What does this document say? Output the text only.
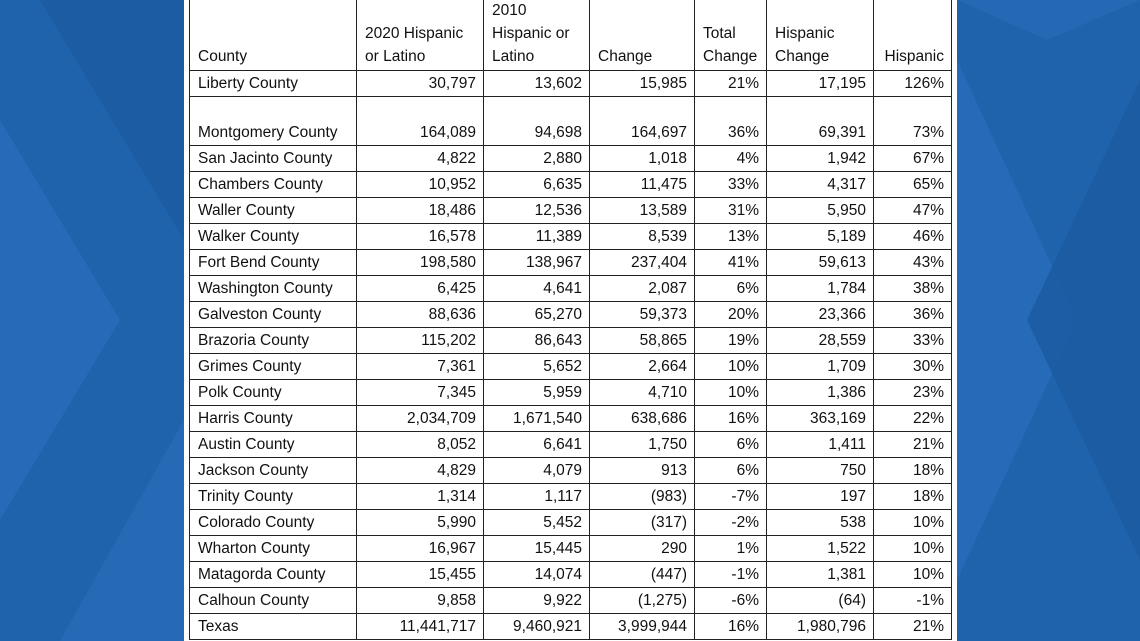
County	2020 Hispanic or Latino	2010 Hispanic or Latino	Change	Total Change	Hispanic Change	Hispanic
Liberty County	30,797	13,602	15,985	21%	17,195	126%
Montgomery County	164,089	94,698	164,697	36%	69,391	73%
San Jacinto County	4,822	2,880	1,018	4%	1,942	67%
Chambers County	10,952	6,635	11,475	33%	4,317	65%
Waller County	18,486	12,536	13,589	31%	5,950	47%
Walker County	16,578	11,389	8,539	13%	5,189	46%
Fort Bend County	198,580	138,967	237,404	41%	59,613	43%
Washington County	6,425	4,641	2,087	6%	1,784	38%
Galveston County	88,636	65,270	59,373	20%	23,366	36%
Brazoria County	115,202	86,643	58,865	19%	28,559	33%
Grimes County	7,361	5,652	2,664	10%	1,709	30%
Polk County	7,345	5,959	4,710	10%	1,386	23%
Harris County	2,034,709	1,671,540	638,686	16%	363,169	22%
Austin County	8,052	6,641	1,750	6%	1,411	21%
Jackson County	4,829	4,079	913	6%	750	18%
Trinity County	1,314	1,117	(983)	-7%	197	18%
Colorado County	5,990	5,452	(317)	-2%	538	10%
Wharton County	16,967	15,445	290	1%	1,522	10%
Matagorda County	15,455	14,074	(447)	-1%	1,381	10%
Calhoun County	9,858	9,922	(1,275)	-6%	(64)	-1%
Texas	11,441,717	9,460,921	3,999,944	16%	1,980,796	21%
